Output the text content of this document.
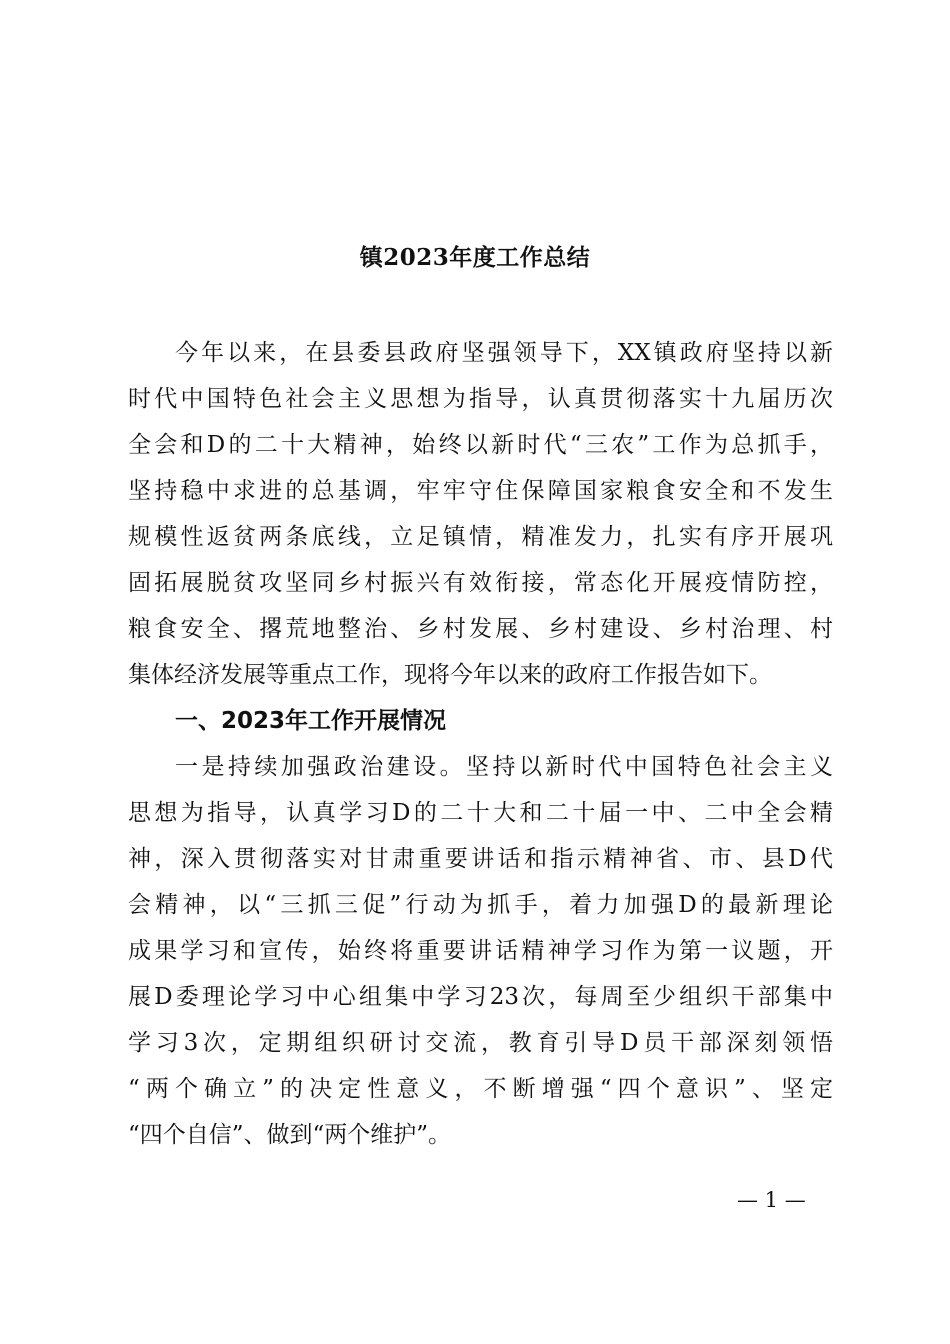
镇2023年度工作总结
今年以来，在县委县政府坚强领导下，XX镇政府坚持以新
时代中国特色社会主义思想为指导，认真贯彻落实十九届历次
全会和D的二十大精神，始终以新时代“三农”工作为总抓手，
坚持稳中求进的总基调，牢牢守住保障国家粮食安全和不发生
规模性返贫两条底线，立足镇情，精准发力，扎实有序开展巩
固拓展脱贫攻坚同乡村振兴有效衔接，常态化开展疫情防控，
粮食安全、撂荒地整治、乡村发展、乡村建设、乡村治理、村
集体经济发展等重点工作，现将今年以来的政府工作报告如下。
一、2023年工作开展情况
一是持续加强政治建设。坚持以新时代中国特色社会主义
思想为指导，认真学习D的二十大和二十届一中、二中全会精
神，深入贯彻落实对甘肃重要讲话和指示精神省、市、县D代
会精神，以“三抓三促”行动为抓手，着力加强D的最新理论
成果学习和宣传，始终将重要讲话精神学习作为第一议题，开
展D委理论学习中心组集中学习23次，每周至少组织干部集中
学习3次，定期组织研讨交流，教育引导D员干部深刻领悟
“两个确立”的决定性意义，不断增强“四个意识”、坚定
“四个自信”、做到“两个维护”。
— 1 —
